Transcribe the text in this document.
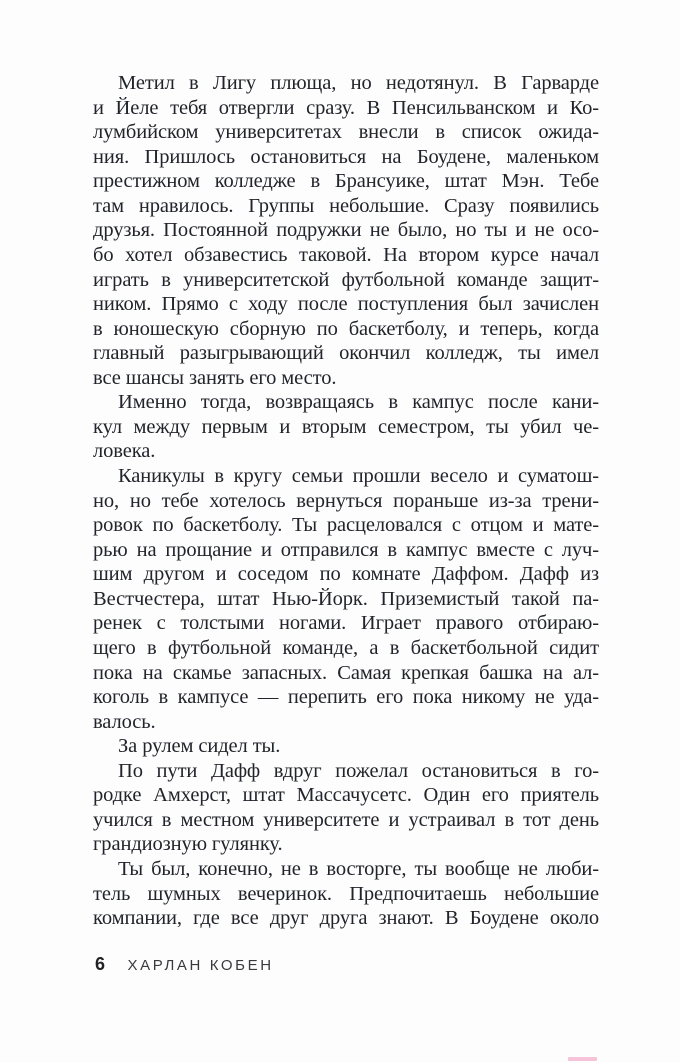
Метил в Лигу плюща, но недотянул. В Гарварде
и Йеле тебя отвергли сразу. В Пенсильванском и Ко-
лумбийском университетах внесли в список ожида-
ния. Пришлось остановиться на Боудене, маленьком
престижном колледже в Брансуике, штат Мэн. Тебе
там нравилось. Группы небольшие. Сразу появились
друзья. Постоянной подружки не было, но ты и не осо-
бо хотел обзавестись таковой. На втором курсе начал
играть в университетской футбольной команде защит-
ником. Прямо с ходу после поступления был зачислен
в юношескую сборную по баскетболу, и теперь, когда
главный разыгрывающий окончил колледж, ты имел
все шансы занять его место.
Именно тогда, возвращаясь в кампус после кани-
кул между первым и вторым семестром, ты убил че-
ловека.
Каникулы в кругу семьи прошли весело и суматош-
но, но тебе хотелось вернуться пораньше из-за трени-
ровок по баскетболу. Ты расцеловался с отцом и мате-
рью на прощание и отправился в кампус вместе с луч-
шим другом и соседом по комнате Даффом. Дафф из
Вестчестера, штат Нью-Йорк. Приземистый такой па-
ренек с толстыми ногами. Играет правого отбираю-
щего в футбольной команде, а в баскетбольной сидит
пока на скамье запасных. Самая крепкая башка на ал-
коголь в кампусе — перепить его пока никому не уда-
валось.
За рулем сидел ты.
По пути Дафф вдруг пожелал остановиться в го-
родке Амхерст, штат Массачусетс. Один его приятель
учился в местном университете и устраивал в тот день
грандиозную гулянку.
Ты был, конечно, не в восторге, ты вообще не люби-
тель шумных вечеринок. Предпочитаешь небольшие
компании, где все друг друга знают. В Боудене около
6 ХАРЛАН КОБЕН
